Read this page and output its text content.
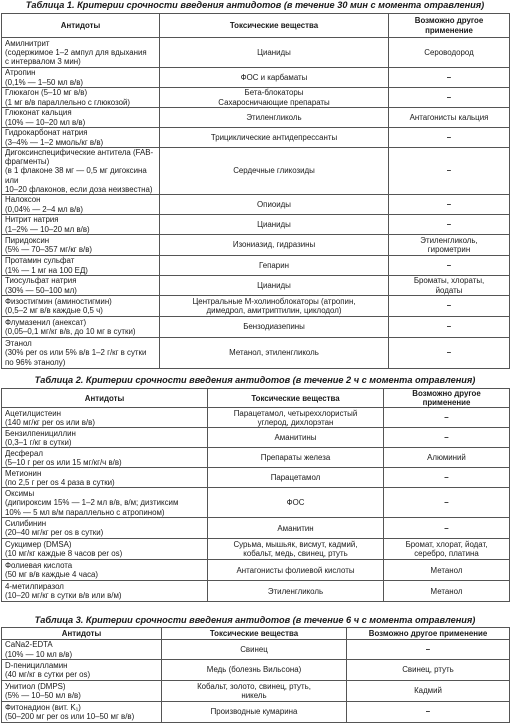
Таблица 1. Критерии срочности введения антидотов (в течение 30 мин с момента отравления)
Антидоты	Токсические вещества	Возможно другое
применение
Амилнитрит
(содержимое 1–2 ампул для вдыхания
с интервалом 3 мин)	Цианиды	Сероводород
Атропин
(0,1% — 1–50 мл в/в)	ФОС и карбаматы	–
Глюкагон (5–10 мг в/в)
(1 мг в/в параллельно с глюкозой)	Бета-блокаторы
Сахаросничающие препараты	–
Глюконат кальция
(10% — 10–20 мл в/в)	Этиленгликоль	Антагонисты кальция
Гидрокарбонат натрия
(3–4% — 1–2 ммоль/кг в/в)	Трициклические антидепрессанты	–
Дигоксинспецифические антитела (FAB-
фрагменты)
(в 1 флаконе 38 мг — 0,5 мг дигоксина или
10–20 флаконов, если доза неизвестна)	Сердечные гликозиды	–
Налоксон
(0,04% — 2–4 мл в/в)	Опиоиды	–
Нитрит натрия
(1–2% — 10–20 мл в/в)	Цианиды	–
Пиридоксин
(5% — 70–357 мг/кг в/в)	Изониазид, гидразины	Этиленгликоль,
гирометрин
Протамин сульфат
(1% — 1 мг на 100 ЕД)	Гепарин	–
Тиосульфат натрия
(30% — 50–100 мл)	Цианиды	Броматы, хлораты,
йодаты
Физостигмин (аминостигмин)
(0,5–2 мг в/в каждые 0,5 ч)	Центральные М-холиноблокаторы (атропин,
димедрол, амитриптилин, циклодол)	–
Флумазенил (анексат)
(0,05–0,1 мг/кг в/в, до 10 мг в сутки)	Бензодиазепины	–
Этанол
(30% per os или 5% в/в 1–2 г/кг в сутки
по 96% этанолу)	Метанол, этиленгликоль	–
Таблица 2. Критерии срочности введения антидотов (в течение 2 ч с момента отравления)
Антидоты	Токсические вещества	Возможно другое
применение
Ацетилцистеин
(140 мг/кг per os или в/в)	Парацетамол, четыреххлористый
углерод, дихлорэтан	–
Бензилпенициллин
(0,3–1 г/кг в сутки)	Аманитины	–
Десферал
(5–10 г per os или 15 мг/кг/ч в/в)	Препараты железа	Алюминий
Метионин
(по 2,5 г per os 4 раза в сутки)	Парацетамол	–
Оксимы
(дипироксим 15% — 1–2 мл в/в, в/м; дизтиксим
10% — 5 мл в/м параллельно с атропином)	ФОС	–
Силибинин
(20–40 мг/кг per os в сутки)	Аманитин	–
Сукцимер (DMSA)
(10 мг/кг каждые 8 часов per os)	Сурьма, мышьяк, висмут, кадмий,
кобальт, медь, свинец, ртуть	Бромат, хлорат, йодат,
серебро, платина
Фолиевая кислота
(50 мг в/в каждые 4 часа)	Антагонисты фолиевой кислоты	Метанол
4-метилпиразол
(10–20 мг/кг в сутки в/в или в/м)	Этиленгликоль	Метанол
Таблица 3. Критерии срочности введения антидотов (в течение 6 ч с момента отравления)
Антидоты	Токсические вещества	Возможно другое применение
CaNa2-EDTA
(10% — 10 мл в/в)	Свинец	–
D-пеницилламин
(40 мг/кг в сутки per os)	Медь (болезнь Вильсона)	Свинец, ртуть
Унитиол (DMPS)
(5% — 10–50 мл в/в)	Кобальт, золото, свинец, ртуть,
никель	Кадмий
Фитонадион (вит. K₁)
(50–200 мг per os или 10–50 мг в/в)	Производные кумарина	–
